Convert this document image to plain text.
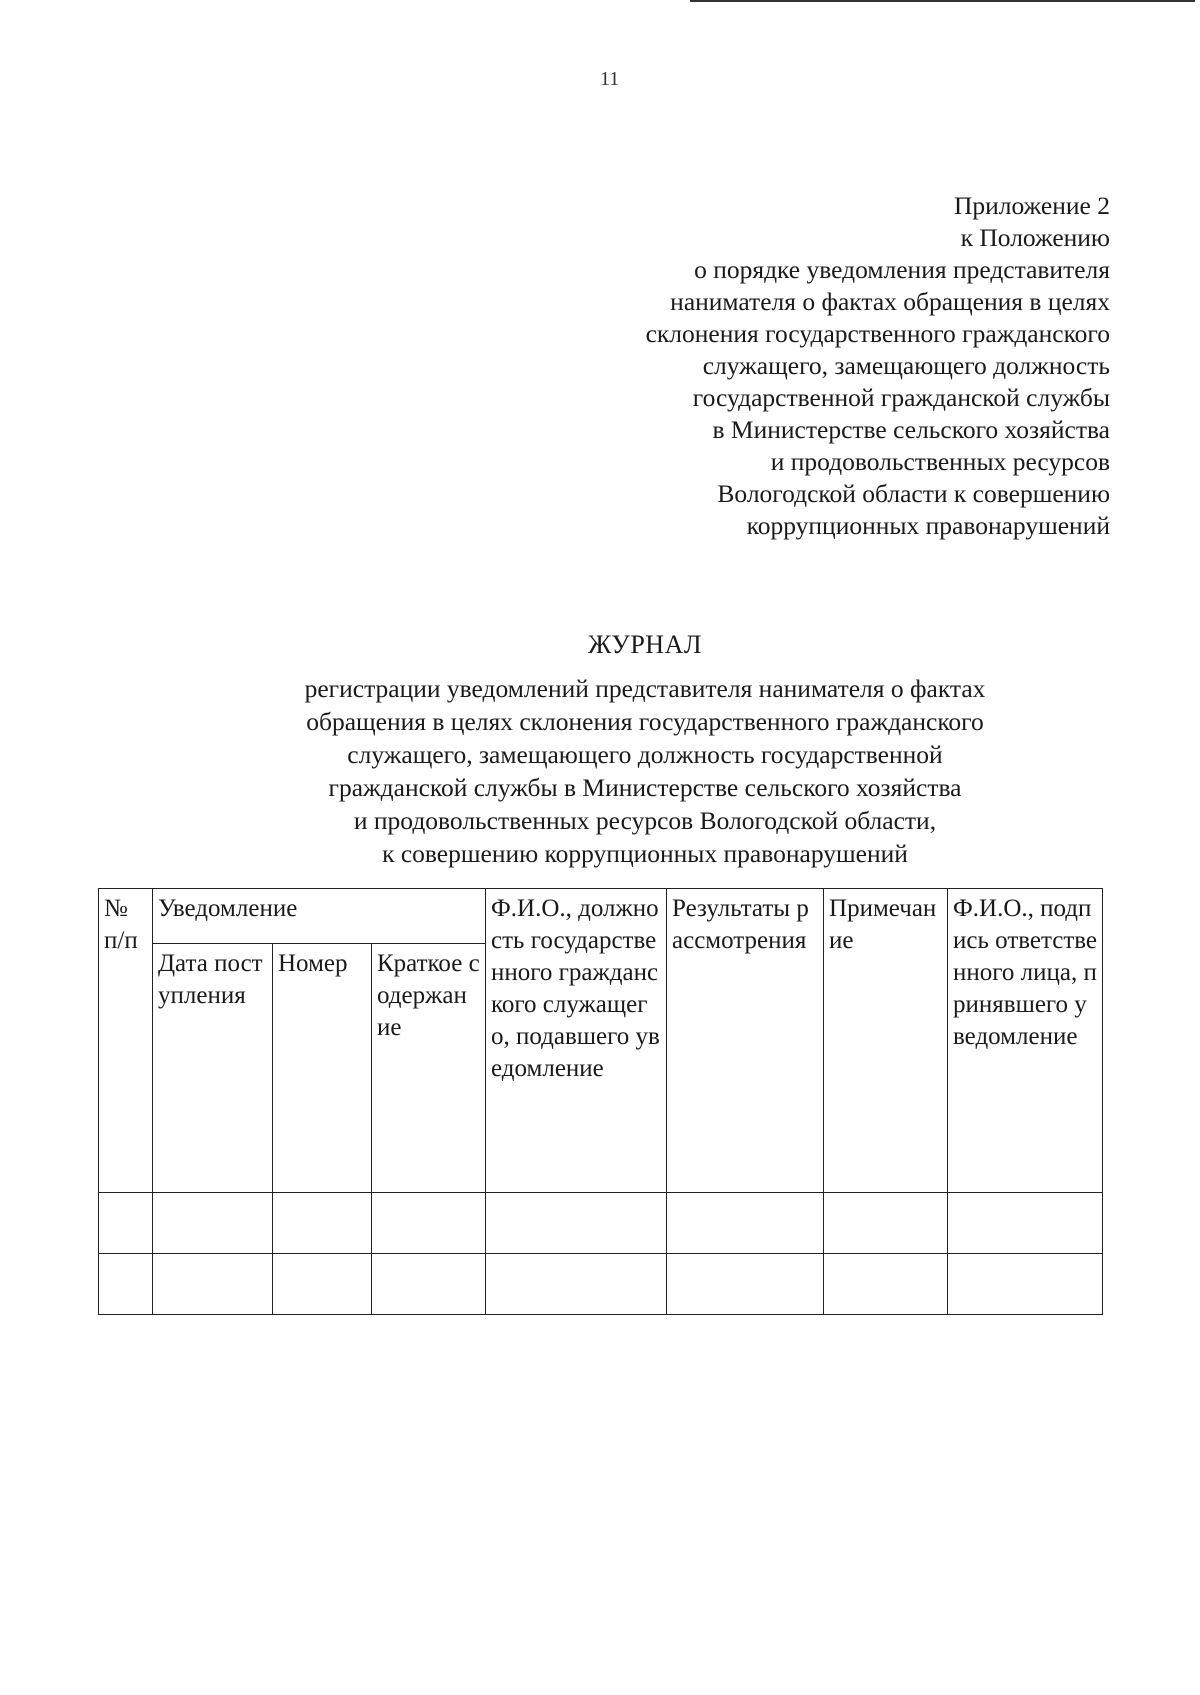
11
Приложение 2
к Положению
о порядке уведомления представителя
нанимателя о фактах обращения в целях
склонения государственного гражданского
служащего, замещающего должность
государственной гражданской службы
в Министерстве сельского хозяйства
и продовольственных ресурсов
Вологодской области к совершению
коррупционных правонарушений
ЖУРНАЛ
регистрации уведомлений представителя нанимателя о фактах
обращения в целях склонения государственного гражданского
служащего, замещающего должность государственной
гражданской службы в Министерстве сельского хозяйства
и продовольственных ресурсов Вологодской области,
к совершению коррупционных правонарушений
№ п/п	Уведомление			Ф.И.О., должность государственного гражданского служащего, подавшего уведомление	Результаты рассмотрения	Примечание	Ф.И.О., подпись ответственного лица, принявшего уведомление
	Дата поступления	Номер	Краткое содержание				
